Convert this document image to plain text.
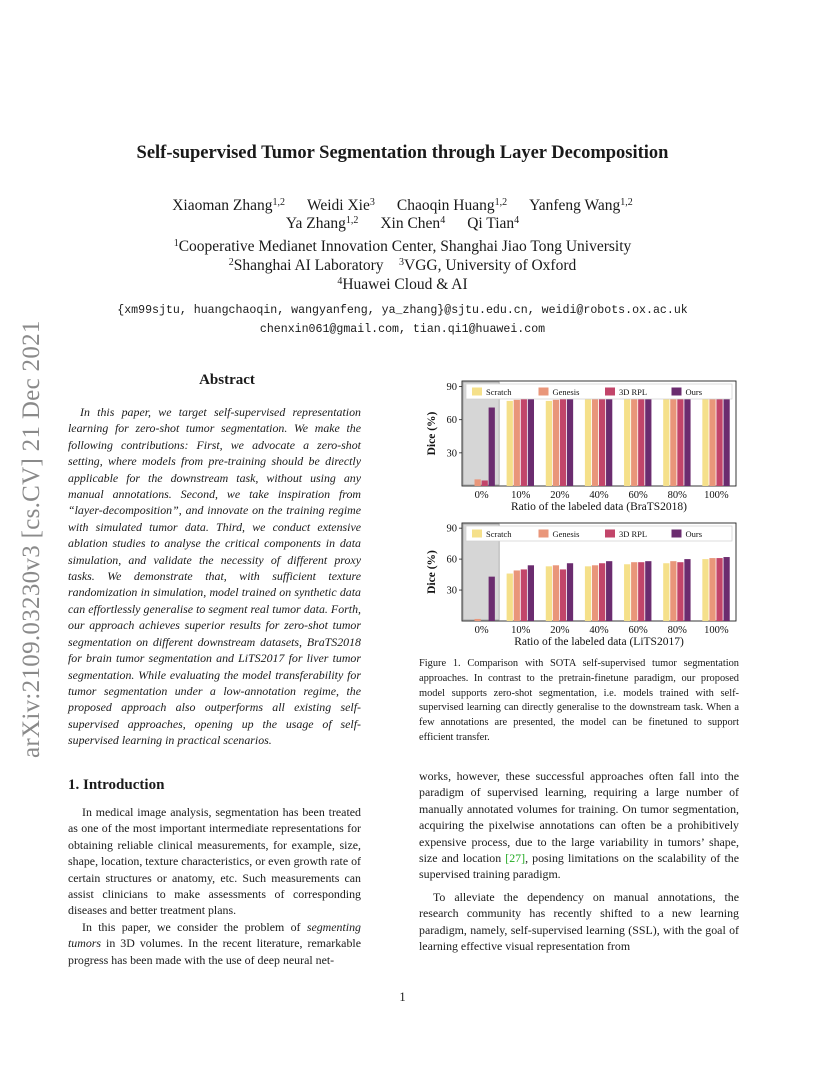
arXiv:2109.03230v3 [cs.CV] 21 Dec 2021
Self-supervised Tumor Segmentation through Layer Decomposition
Xiaoman Zhang$^{1,2}$ Weidi Xie$^3$ Chaoqin Huang$^{1,2}$ Yanfeng Wang$^{1,2}$
Ya Zhang$^{1,2}$ Xin Chen$^4$ Qi Tian$^4$
$^1$Cooperative Medianet Innovation Center, Shanghai Jiao Tong University
$^2$Shanghai AI Laboratory $^3$VGG, University of Oxford
$^4$Huawei Cloud & AI
{xm99sjtu, huangchaoqin, wangyanfeng, ya_zhang}@sjtu.edu.cn, weidi@robots.ox.ac.uk
chenxin061@gmail.com, tian.qi1@huawei.com
Abstract
In this paper, we target self-supervised representation learning for zero-shot tumor segmentation. We make the following contributions: First, we advocate a zero-shot setting, where models from pre-training should be directly applicable for the downstream task, without using any manual annotations. Second, we take inspiration from “layer-decomposition”, and innovate on the training regime with simulated tumor data. Third, we conduct extensive ablation studies to analyse the critical components in data simulation, and validate the necessity of different proxy tasks. We demonstrate that, with sufficient texture randomization in simulation, model trained on synthetic data can effortlessly generalise to segment real tumor data. Forth, our approach achieves superior results for zero-shot tumor segmentation on different downstream datasets, BraTS2018 for brain tumor segmentation and LiTS2017 for liver tumor segmentation. While evaluating the model transferability for tumor segmentation under a low-annotation regime, the proposed approach also outperforms all existing self-supervised approaches, opening up the usage of self-supervised learning in practical scenarios.
1. Introduction

In medical image analysis, segmentation has been treated as one of the most important intermediate representations for obtaining reliable clinical measurements, for example, size, shape, location, texture characteristics, or even growth rate of certain structures or anatomy, etc. Such measurements can assist clinicians to make assessments of corresponding diseases and better treatment plans.

In this paper, we consider the problem of segmenting tumors in 3D volumes. In the recent literature, remarkable progress has been made with the use of deep neural net-

works, however, these successful approaches often fall into the paradigm of supervised learning, requiring a large number of manually annotated volumes for training. On tumor segmentation, acquiring the pixelwise annotations can often be a prohibitively expensive process, due to the large variability in tumors’ shape, size and location [27], posing limitations on the scalability of the supervised training paradigm.

To alleviate the dependency on manual annotations, the research community has recently shifted to a new learning paradigm, namely, self-supervised learning (SSL), with the goal of learning effective visual representation from

30
60
90
Dice (%)
0% 10% 20% 40% 60% 80% 100%
Ratio of the labeled data (BraTS2018)
Scratch	Genesis	3D RPL	Ours
30
60
90
Dice (%)
0% 10% 20% 40% 60% 80% 100%
Ratio of the labeled data (LiTS2017)
Scratch	Genesis	3D RPL	Ours
Figure 1. Comparison with SOTA self-supervised tumor segmentation approaches. In contrast to the pretrain-finetune paradigm, our proposed model supports zero-shot segmentation, i.e. models trained with self-supervised learning can directly generalise to the downstream task. When a few annotations are presented, the model can be finetuned to support efficient transfer.
1
